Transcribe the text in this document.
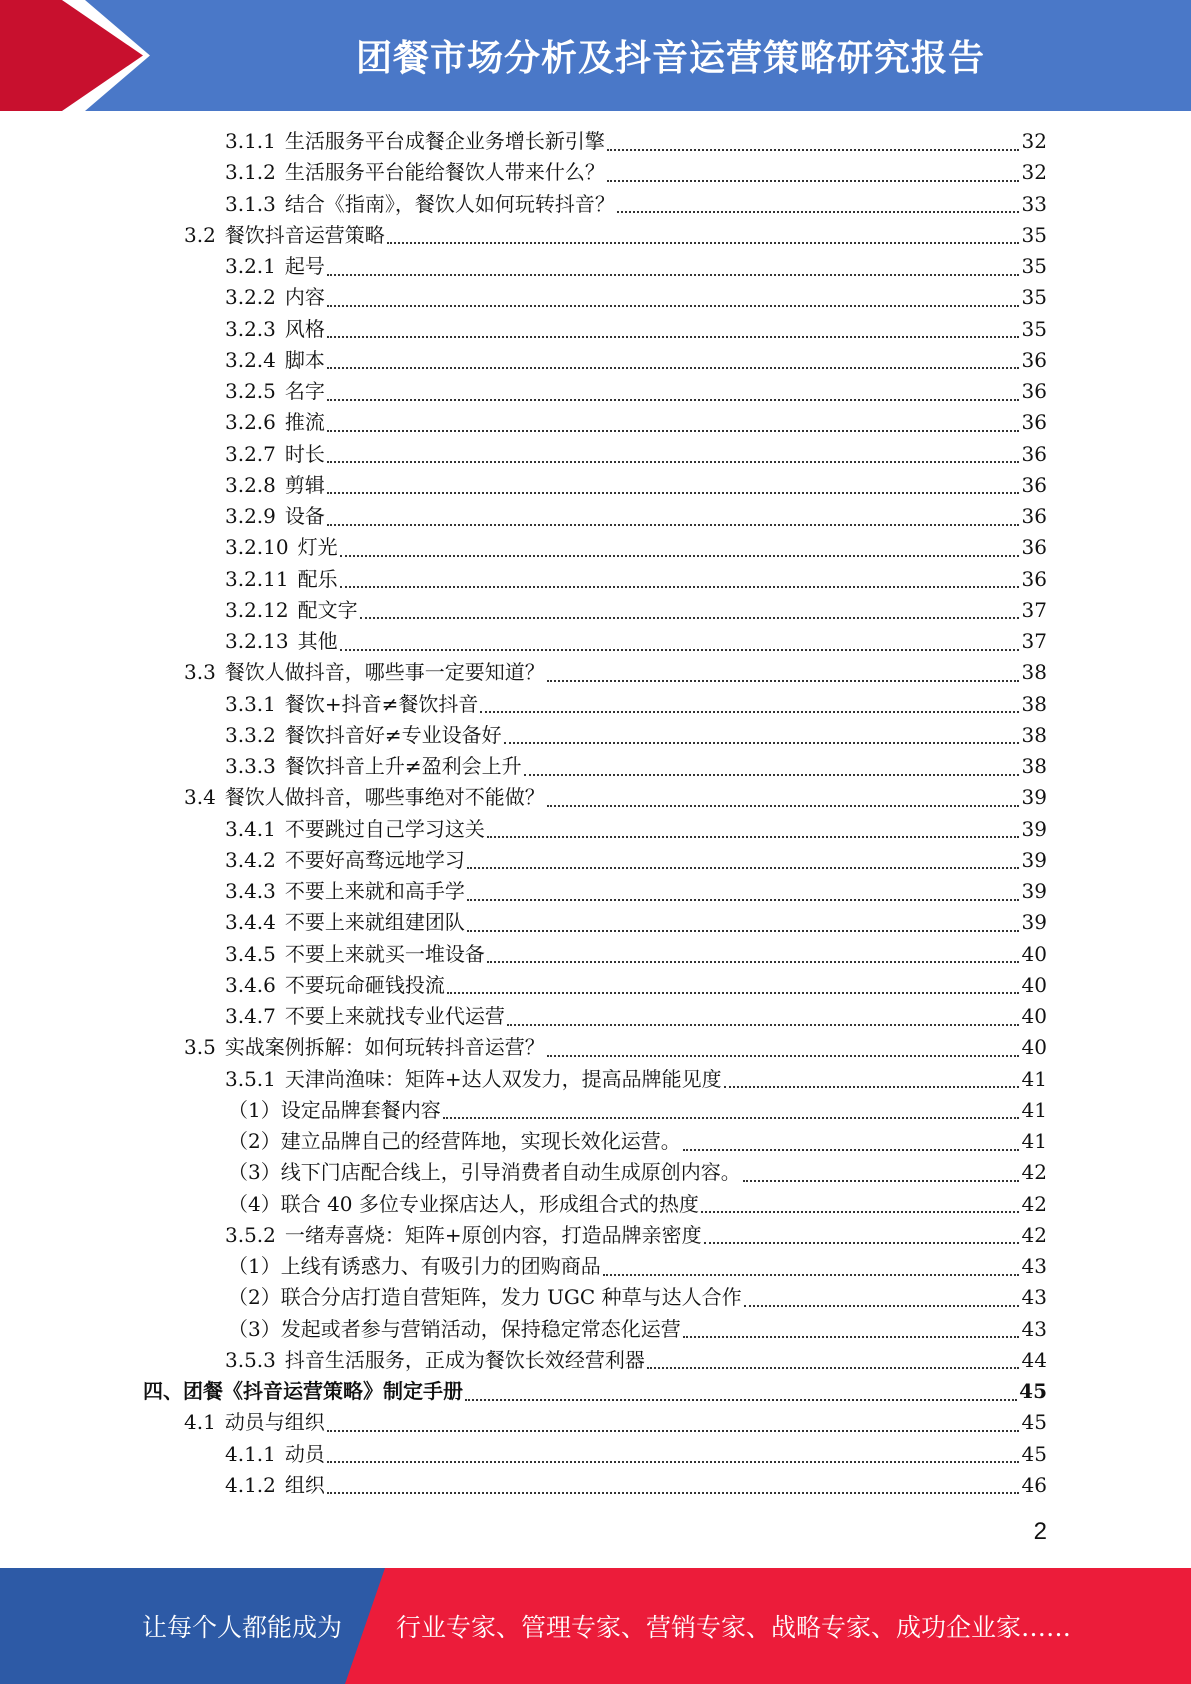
团餐市场分析及抖音运营策略研究报告
3.1.1 生活服务平台成餐企业务增长新引擎	32
3.1.2 生活服务平台能给餐饮人带来什么？	32
3.1.3 结合《指南》，餐饮人如何玩转抖音？	33
3.2 餐饮抖音运营策略	35
3.2.1 起号	35
3.2.2 内容	35
3.2.3 风格	35
3.2.4 脚本	36
3.2.5 名字	36
3.2.6 推流	36
3.2.7 时长	36
3.2.8 剪辑	36
3.2.9 设备	36
3.2.10 灯光	36
3.2.11 配乐	36
3.2.12 配文字	37
3.2.13 其他	37
3.3 餐饮人做抖音，哪些事一定要知道？	38
3.3.1 餐饮+抖音≠餐饮抖音	38
3.3.2 餐饮抖音好≠专业设备好	38
3.3.3 餐饮抖音上升≠盈利会上升	38
3.4 餐饮人做抖音，哪些事绝对不能做？	39
3.4.1 不要跳过自己学习这关	39
3.4.2 不要好高骛远地学习	39
3.4.3 不要上来就和高手学	39
3.4.4 不要上来就组建团队	39
3.4.5 不要上来就买一堆设备	40
3.4.6 不要玩命砸钱投流	40
3.4.7 不要上来就找专业代运营	40
3.5 实战案例拆解：如何玩转抖音运营？	40
3.5.1 天津尚渔味：矩阵+达人双发力，提高品牌能见度	41
（1）设定品牌套餐内容	41
（2）建立品牌自己的经营阵地，实现长效化运营。	41
（3）线下门店配合线上，引导消费者自动生成原创内容。	42
（4）联合 40 多位专业探店达人，形成组合式的热度	42
3.5.2 一绪寿喜烧：矩阵+原创内容，打造品牌亲密度	42
（1）上线有诱惑力、有吸引力的团购商品	43
（2）联合分店打造自营矩阵，发力 UGC 种草与达人合作	43
（3）发起或者参与营销活动，保持稳定常态化运营	43
3.5.3 抖音生活服务，正成为餐饮长效经营利器	44
四、团餐《抖音运营策略》制定手册	45
4.1 动员与组织	45
4.1.1 动员	45
4.1.2 组织	46
2
让每个人都能成为 行业专家、管理专家、营销专家、战略专家、成功企业家……
